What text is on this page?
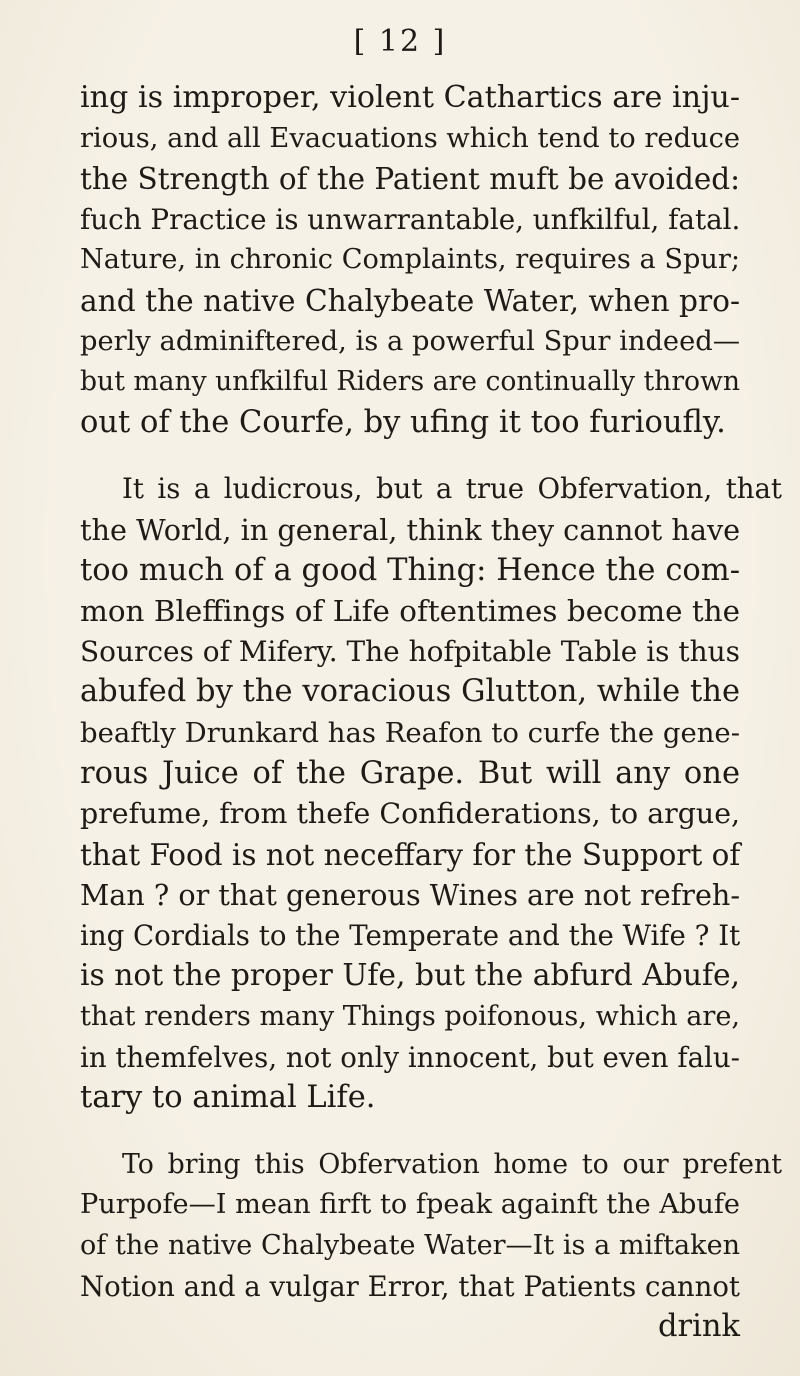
[ 12 ]
ing is improper, violent Cathartics are inju-
rious, and all Evacuations which tend to reduce
the Strength of the Patient muft be avoided:
fuch Practice is unwarrantable, unfkilful, fatal.
Nature, in chronic Complaints, requires a Spur;
and the native Chalybeate Water, when pro-
perly adminiftered, is a powerful Spur indeed—
but many unfkilful Riders are continually thrown
out of the Courfe, by ufing it too furioufly.
It is a ludicrous, but a true Obfervation, that
the World, in general, think they cannot have
too much of a good Thing: Hence the com-
mon Bleffings of Life oftentimes become the
Sources of Mifery. The hofpitable Table is thus
abufed by the voracious Glutton, while the
beaftly Drunkard has Reafon to curfe the gene-
rous Juice of the Grape. But will any one
prefume, from thefe Confiderations, to argue,
that Food is not neceffary for the Support of
Man ? or that generous Wines are not refreh-
ing Cordials to the Temperate and the Wife ? It
is not the proper Ufe, but the abfurd Abufe,
that renders many Things poifonous, which are,
in themfelves, not only innocent, but even falu-
tary to animal Life.
To bring this Obfervation home to our prefent
Purpofe—I mean firft to fpeak againft the Abufe
of the native Chalybeate Water—It is a miftaken
Notion and a vulgar Error, that Patients cannot
drink
